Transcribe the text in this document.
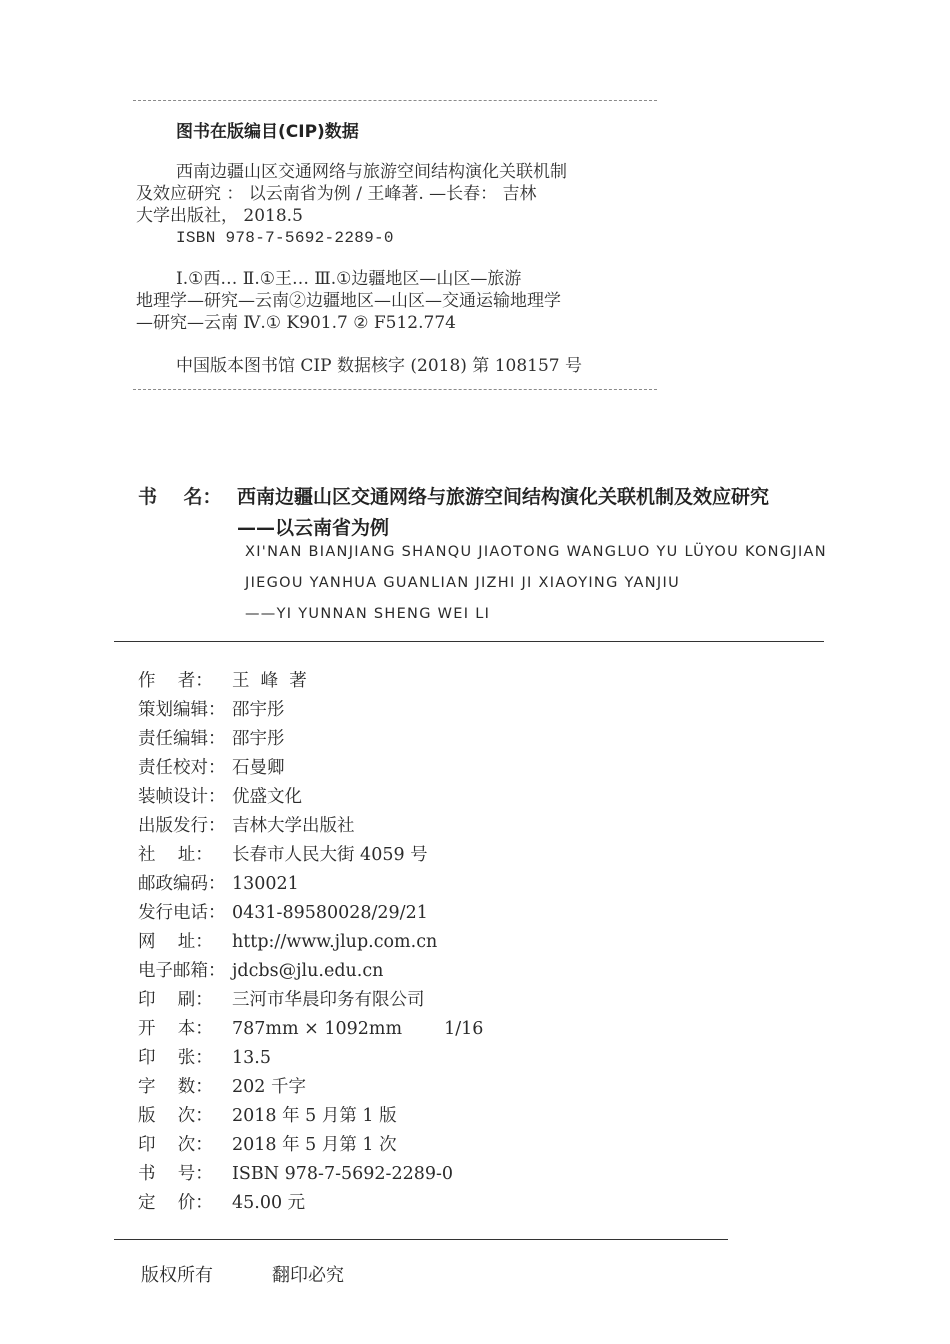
图书在版编目(CIP)数据
西南边疆山区交通网络与旅游空间结构演化关联机制
及效应研究 ： 以云南省为例 / 王峰著. —长春： 吉林
大学出版社， 2018.5
ISBN 978-7-5692-2289-0
Ⅰ.①西… Ⅱ.①王… Ⅲ.①边疆地区—山区—旅游
地理学—研究—云南②边疆地区—山区—交通运输地理学
—研究—云南 Ⅳ.① K901.7 ② F512.774
中国版本图书馆 CIP 数据核字 (2018) 第 108157 号
书    名： 西南边疆山区交通网络与旅游空间结构演化关联机制及效应研究
——以云南省为例
XI'NAN BIANJIANG SHANQU JIAOTONG WANGLUO YU LÜYOU KONGJIAN
JIEGOU YANHUA GUANLIAN JIZHI JI XIAOYING YANJIU
——YI YUNNAN SHENG WEI LI
作    者： 王  峰  著
策划编辑： 邵宇彤
责任编辑： 邵宇彤
责任校对： 石曼卿
装帧设计： 优盛文化
出版发行： 吉林大学出版社
社    址： 长春市人民大街 4059 号
邮政编码： 130021
发行电话： 0431-89580028/29/21
网    址： http://www.jlup.com.cn
电子邮箱： jdcbs@jlu.edu.cn
印    刷： 三河市华晨印务有限公司
开    本： 787mm × 1092mm 1/16
印    张： 13.5
字    数： 202 千字
版    次： 2018 年 5 月第 1 版
印    次： 2018 年 5 月第 1 次
书    号： ISBN 978-7-5692-2289-0
定    价： 45.00 元
版权所有	翻印必究
